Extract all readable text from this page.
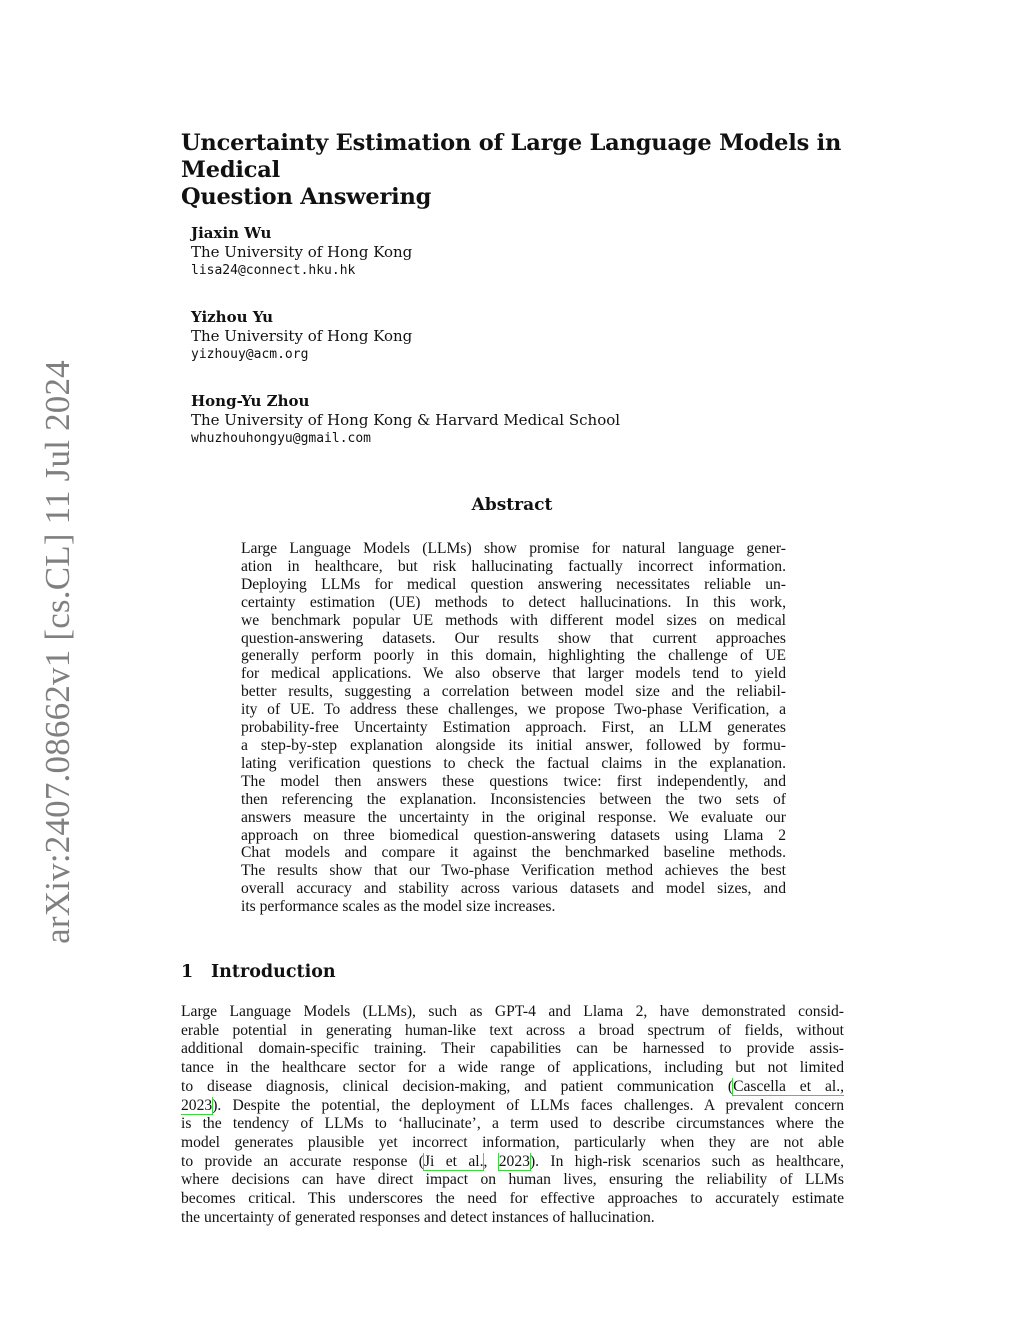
arXiv:2407.08662v1 [cs.CL] 11 Jul 2024
Uncertainty Estimation of Large Language Models in Medical
Question Answering
Jiaxin Wu
The University of Hong Kong
lisa24@connect.hku.hk
Yizhou Yu
The University of Hong Kong
yizhouy@acm.org
Hong-Yu Zhou
The University of Hong Kong & Harvard Medical School
whuzhouhongyu@gmail.com
Abstract
Large Language Models (LLMs) show promise for natural language gener-
ation in healthcare, but risk hallucinating factually incorrect information.
Deploying LLMs for medical question answering necessitates reliable un-
certainty estimation (UE) methods to detect hallucinations. In this work,
we benchmark popular UE methods with different model sizes on medical
question-answering datasets. Our results show that current approaches
generally perform poorly in this domain, highlighting the challenge of UE
for medical applications. We also observe that larger models tend to yield
better results, suggesting a correlation between model size and the reliabil-
ity of UE. To address these challenges, we propose Two-phase Verification, a
probability-free Uncertainty Estimation approach. First, an LLM generates
a step-by-step explanation alongside its initial answer, followed by formu-
lating verification questions to check the factual claims in the explanation.
The model then answers these questions twice: first independently, and
then referencing the explanation. Inconsistencies between the two sets of
answers measure the uncertainty in the original response. We evaluate our
approach on three biomedical question-answering datasets using Llama 2
Chat models and compare it against the benchmarked baseline methods.
The results show that our Two-phase Verification method achieves the best
overall accuracy and stability across various datasets and model sizes, and
its performance scales as the model size increases.
1 Introduction
Large Language Models (LLMs), such as GPT-4 and Llama 2, have demonstrated consid-
erable potential in generating human-like text across a broad spectrum of fields, without
additional domain-specific training. Their capabilities can be harnessed to provide assis-
tance in the healthcare sector for a wide range of applications, including but not limited
to disease diagnosis, clinical decision-making, and patient communication (Cascella et al.,
2023). Despite the potential, the deployment of LLMs faces challenges. A prevalent concern
is the tendency of LLMs to ‘hallucinate’, a term used to describe circumstances where the
model generates plausible yet incorrect information, particularly when they are not able
to provide an accurate response (Ji et al., 2023). In high-risk scenarios such as healthcare,
where decisions can have direct impact on human lives, ensuring the reliability of LLMs
becomes critical. This underscores the need for effective approaches to accurately estimate
the uncertainty of generated responses and detect instances of hallucination.
